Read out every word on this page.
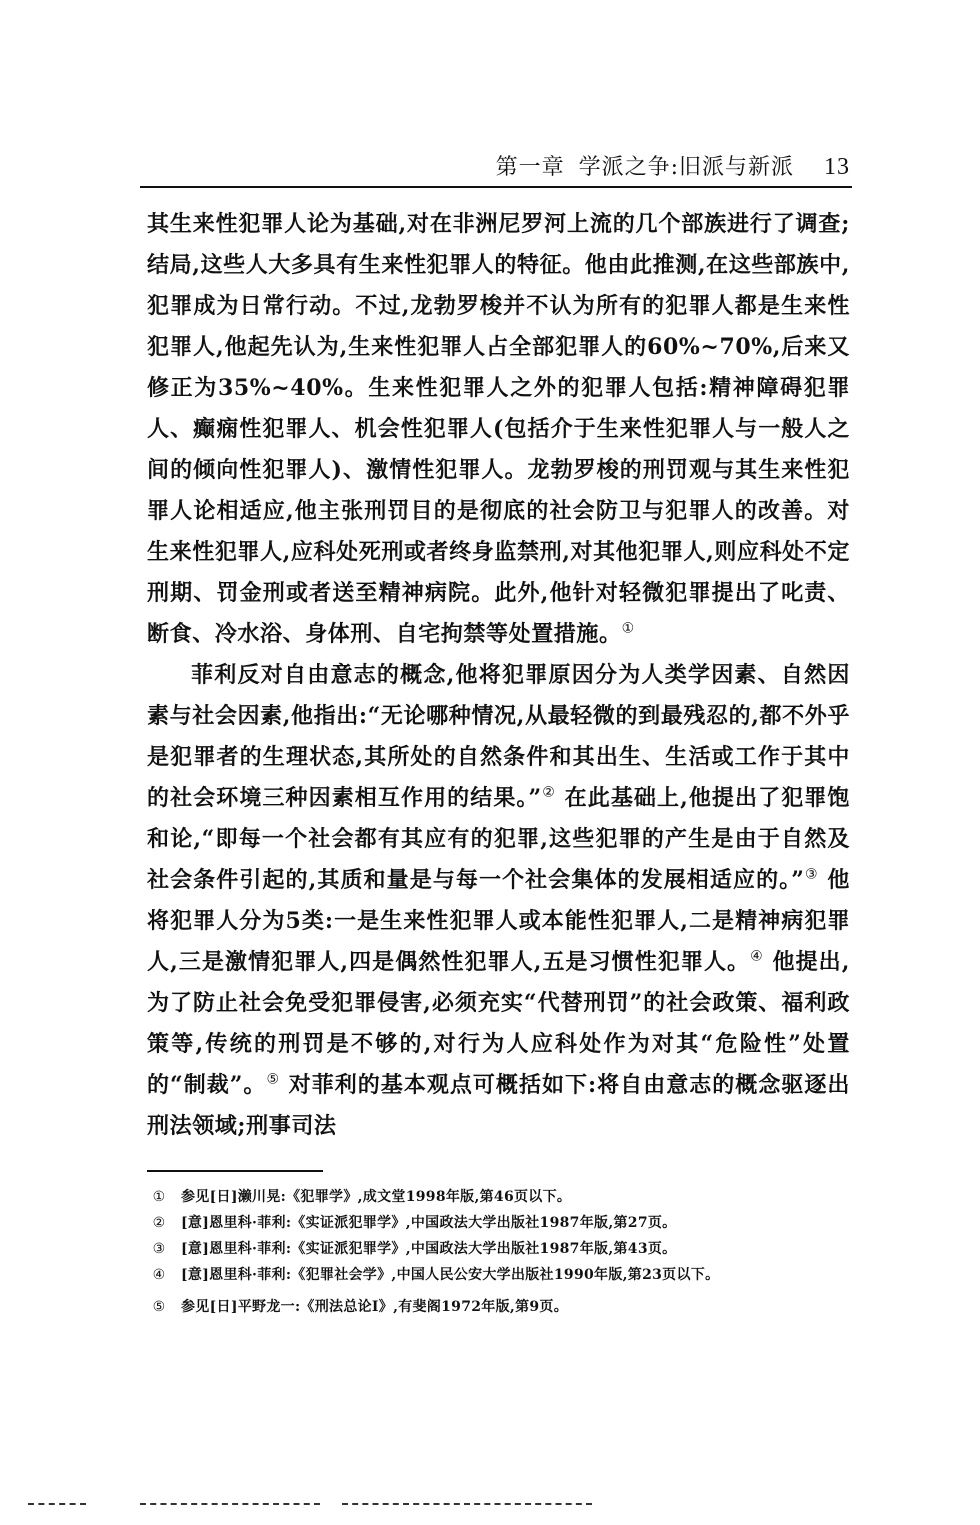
第一章 学派之争:旧派与新派 13

其生来性犯罪人论为基础,对在非洲尼罗河上流的几个部族进行了调查;结局,这些人大多具有生来性犯罪人的特征。他由此推测,在这些部族中,犯罪成为日常行动。不过,龙勃罗梭并不认为所有的犯罪人都是生来性犯罪人,他起先认为,生来性犯罪人占全部犯罪人的60%~70%,后来又修正为35%~40%。生来性犯罪人之外的犯罪人包括:精神障碍犯罪人、癫痫性犯罪人、机会性犯罪人(包括介于生来性犯罪人与一般人之间的倾向性犯罪人)、激情性犯罪人。龙勃罗梭的刑罚观与其生来性犯罪人论相适应,他主张刑罚目的是彻底的社会防卫与犯罪人的改善。对生来性犯罪人,应科处死刑或者终身监禁刑,对其他犯罪人,则应科处不定刑期、罚金刑或者送至精神病院。此外,他针对轻微犯罪提出了叱责、断食、冷水浴、身体刑、自宅拘禁等处置措施。①

菲利反对自由意志的概念,他将犯罪原因分为人类学因素、自然因素与社会因素,他指出:“无论哪种情况,从最轻微的到最残忍的,都不外乎是犯罪者的生理状态,其所处的自然条件和其出生、生活或工作于其中的社会环境三种因素相互作用的结果。”② 在此基础上,他提出了犯罪饱和论,“即每一个社会都有其应有的犯罪,这些犯罪的产生是由于自然及社会条件引起的,其质和量是与每一个社会集体的发展相适应的。”③ 他将犯罪人分为5类:一是生来性犯罪人或本能性犯罪人,二是精神病犯罪人,三是激情犯罪人,四是偶然性犯罪人,五是习惯性犯罪人。④ 他提出,为了防止社会免受犯罪侵害,必须充实“代替刑罚”的社会政策、福利政策等,传统的刑罚是不够的,对行为人应科处作为对其“危险性”处置的“制裁”。⑤ 对菲利的基本观点可概括如下:将自由意志的概念驱逐出刑法领域;刑事司法

①	参见[日]濑川晃:《犯罪学》,成文堂1998年版,第46页以下。
②	[意]恩里科·菲利:《实证派犯罪学》,中国政法大学出版社1987年版,第27页。
③	[意]恩里科·菲利:《实证派犯罪学》,中国政法大学出版社1987年版,第43页。
④	[意]恩里科·菲利:《犯罪社会学》,中国人民公安大学出版社1990年版,第23页以下。
⑤	参见[日]平野龙一:《刑法总论Ⅰ》,有斐阁1972年版,第9页。
